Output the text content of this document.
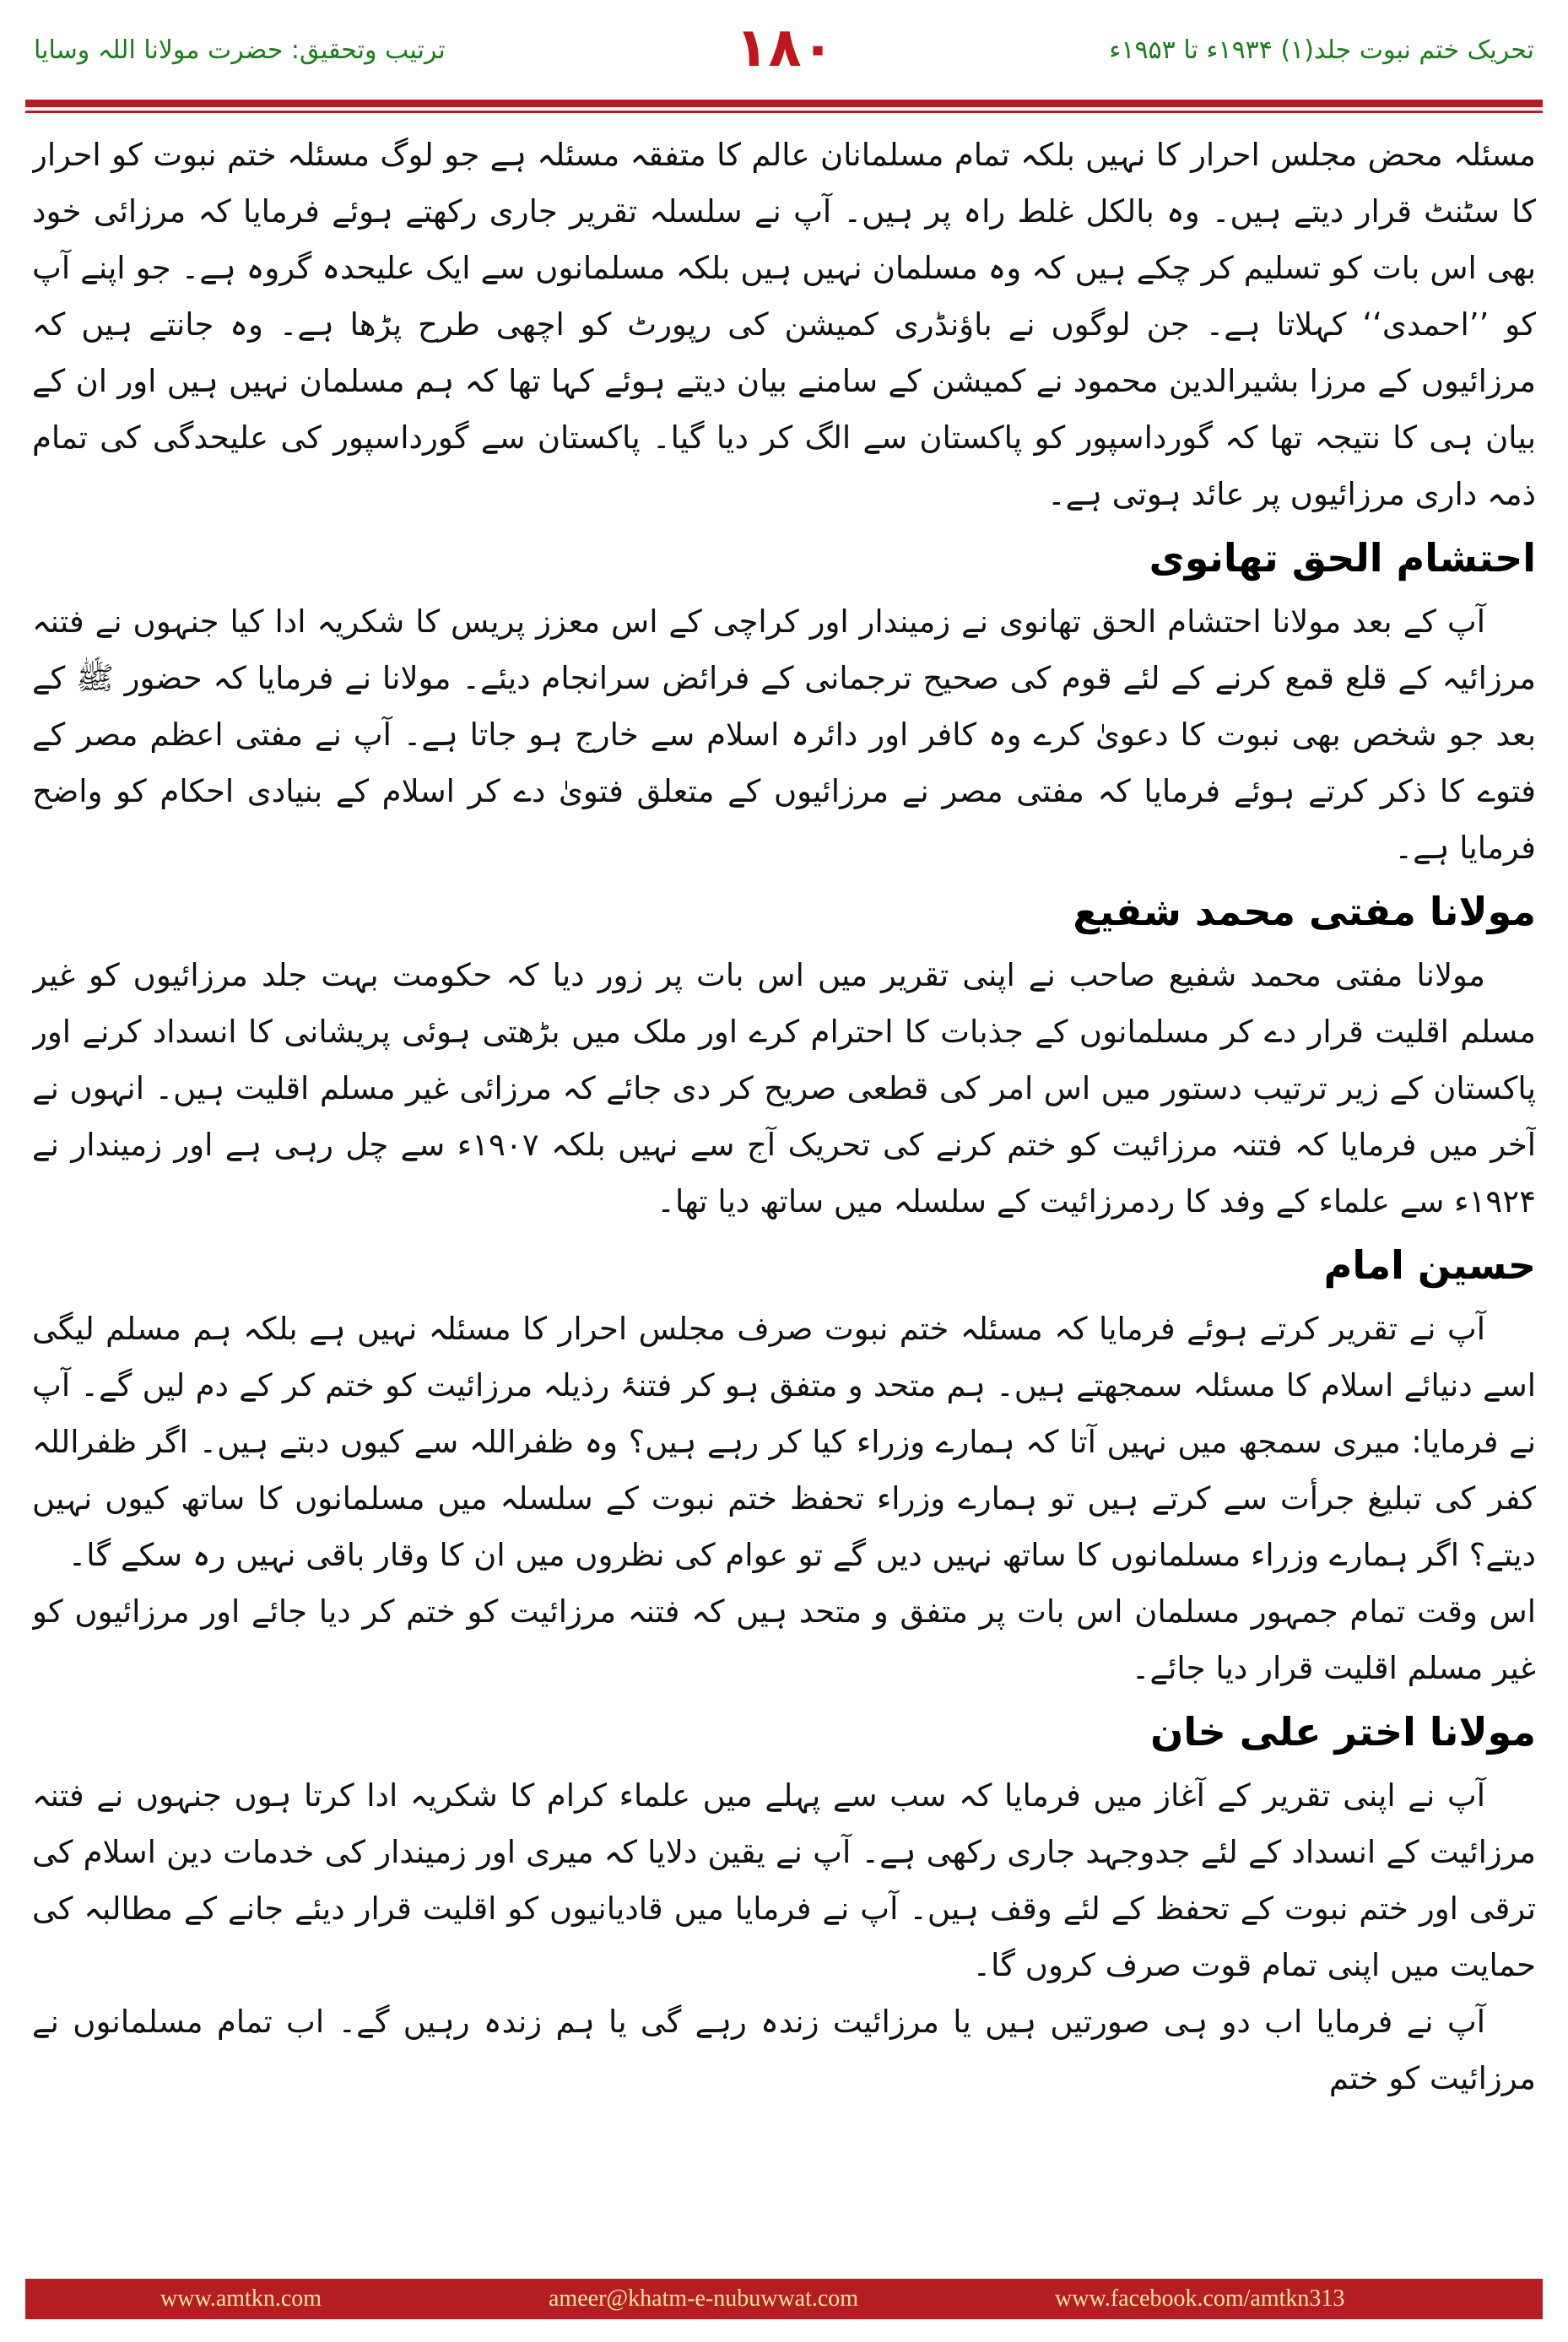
ترتیب وتحقیق: حضرت مولانا اللہ وسایا	۱۸۰	تحریک ختم نبوت جلد(۱) ۱۹۳۴ء تا ۱۹۵۳ء

مسئلہ محض مجلس احرار کا نہیں بلکہ تمام مسلمانان عالم کا متفقہ مسئلہ ہے جو لوگ مسئلہ ختم نبوت کو احرار کا سٹنٹ قرار دیتے ہیں۔ وہ بالکل غلط راہ پر ہیں۔ آپ نے سلسلہ تقریر جاری رکھتے ہوئے فرمایا کہ مرزائی خود بھی اس بات کو تسلیم کر چکے ہیں کہ وہ مسلمان نہیں ہیں بلکہ مسلمانوں سے ایک علیحدہ گروہ ہے۔ جو اپنے آپ کو ’’احمدی‘‘ کہلاتا ہے۔ جن لوگوں نے باؤنڈری کمیشن کی رپورٹ کو اچھی طرح پڑھا ہے۔ وہ جانتے ہیں کہ مرزائیوں کے مرزا بشیرالدین محمود نے کمیشن کے سامنے بیان دیتے ہوئے کہا تھا کہ ہم مسلمان نہیں ہیں اور ان کے بیان ہی کا نتیجہ تھا کہ گورداسپور کو پاکستان سے الگ کر دیا گیا۔ پاکستان سے گورداسپور کی علیحدگی کی تمام ذمہ داری مرزائیوں پر عائد ہوتی ہے۔

احتشام الحق تھانوی

آپ کے بعد مولانا احتشام الحق تھانوی نے زمیندار اور کراچی کے اس معزز پریس کا شکریہ ادا کیا جنہوں نے فتنہ مرزائیہ کے قلع قمع کرنے کے لئے قوم کی صحیح ترجمانی کے فرائض سرانجام دیئے۔ مولانا نے فرمایا کہ حضور ﷺ کے بعد جو شخص بھی نبوت کا دعویٰ کرے وہ کافر اور دائرہ اسلام سے خارج ہو جاتا ہے۔ آپ نے مفتی اعظم مصر کے فتوے کا ذکر کرتے ہوئے فرمایا کہ مفتی مصر نے مرزائیوں کے متعلق فتویٰ دے کر اسلام کے بنیادی احکام کو واضح فرمایا ہے۔

مولانا مفتی محمد شفیع

مولانا مفتی محمد شفیع صاحب نے اپنی تقریر میں اس بات پر زور دیا کہ حکومت بہت جلد مرزائیوں کو غیر مسلم اقلیت قرار دے کر مسلمانوں کے جذبات کا احترام کرے اور ملک میں بڑھتی ہوئی پریشانی کا انسداد کرنے اور پاکستان کے زیر ترتیب دستور میں اس امر کی قطعی صریح کر دی جائے کہ مرزائی غیر مسلم اقلیت ہیں۔ انہوں نے آخر میں فرمایا کہ فتنہ مرزائیت کو ختم کرنے کی تحریک آج سے نہیں بلکہ ۱۹۰۷ء سے چل رہی ہے اور زمیندار نے ۱۹۲۴ء سے علماء کے وفد کا ردمرزائیت کے سلسلہ میں ساتھ دیا تھا۔

حسین امام

آپ نے تقریر کرتے ہوئے فرمایا کہ مسئلہ ختم نبوت صرف مجلس احرار کا مسئلہ نہیں ہے بلکہ ہم مسلم لیگی اسے دنیائے اسلام کا مسئلہ سمجھتے ہیں۔ ہم متحد و متفق ہو کر فتنۂ رذیلہ مرزائیت کو ختم کر کے دم لیں گے۔ آپ نے فرمایا: میری سمجھ میں نہیں آتا کہ ہمارے وزراء کیا کر رہے ہیں؟ وہ ظفراللہ سے کیوں دبتے ہیں۔ اگر ظفراللہ کفر کی تبلیغ جرأت سے کرتے ہیں تو ہمارے وزراء تحفظ ختم نبوت کے سلسلہ میں مسلمانوں کا ساتھ کیوں نہیں دیتے؟ اگر ہمارے وزراء مسلمانوں کا ساتھ نہیں دیں گے تو عوام کی نظروں میں ان کا وقار باقی نہیں رہ سکے گا۔

اس وقت تمام جمہور مسلمان اس بات پر متفق و متحد ہیں کہ فتنہ مرزائیت کو ختم کر دیا جائے اور مرزائیوں کو غیر مسلم اقلیت قرار دیا جائے۔

مولانا اختر علی خان

آپ نے اپنی تقریر کے آغاز میں فرمایا کہ سب سے پہلے میں علماء کرام کا شکریہ ادا کرتا ہوں جنہوں نے فتنہ مرزائیت کے انسداد کے لئے جدوجہد جاری رکھی ہے۔ آپ نے یقین دلایا کہ میری اور زمیندار کی خدمات دین اسلام کی ترقی اور ختم نبوت کے تحفظ کے لئے وقف ہیں۔ آپ نے فرمایا میں قادیانیوں کو اقلیت قرار دیئے جانے کے مطالبہ کی حمایت میں اپنی تمام قوت صرف کروں گا۔

آپ نے فرمایا اب دو ہی صورتیں ہیں یا مرزائیت زندہ رہے گی یا ہم زندہ رہیں گے۔ اب تمام مسلمانوں نے مرزائیت کو ختم

www.amtkn.com	ameer@khatm-e-nubuwwat.com	www.facebook.com/amtkn313
